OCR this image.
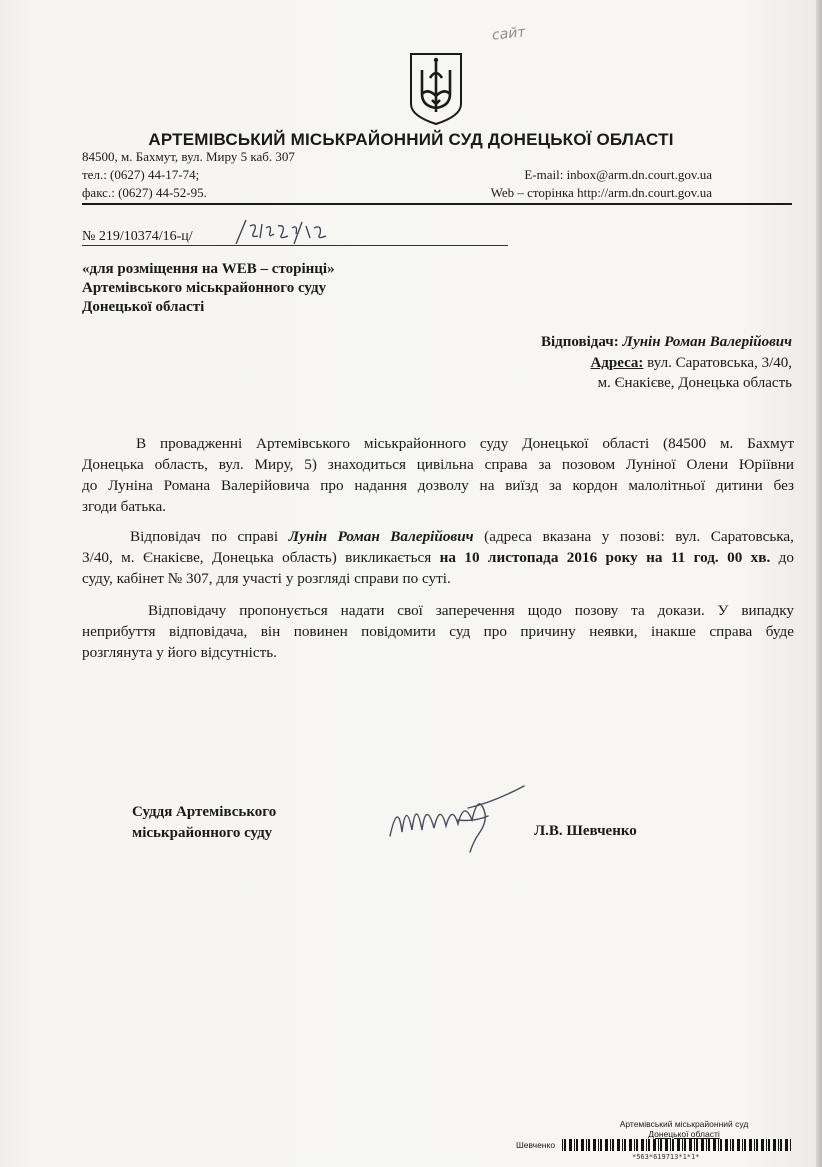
сайт
АРТЕМІВСЬКИЙ МІСЬКРАЙОННИЙ СУД ДОНЕЦЬКОЇ ОБЛАСТІ
84500, м. Бахмут, вул. Миру 5 каб. 307
тел.: (0627) 44-17-74;
факс.: (0627) 44-52-95.
E-mail: inbox@arm.dn.court.gov.ua
Web – сторінка http://arm.dn.court.gov.ua
№ 219/10374/16-ц/
«для розміщення на WEB – сторінці»
Артемівського міськрайонного суду
Донецької області
Відповідач: Лунін Роман Валерійович
Адреса: вул. Саратовська, 3/40,
м. Єнакієве, Донецька область
В провадженні Артемівського міськрайонного суду Донецької області (84500 м. Бахмут
Донецька область, вул. Миру, 5) знаходиться цивільна справа за позовом Луніної Олени Юріївни
до Луніна Романа Валерійовича про надання дозволу на виїзд за кордон малолітньої дитини без
згоди батька.
Відповідач по справі Лунін Роман Валерійович (адреса вказана у позові: вул. Саратовська,
3/40, м. Єнакієве, Донецька область) викликається на 10 листопада 2016 року на 11 год. 00 хв. до
суду, кабінет № 307, для участі у розгляді справи по суті.
Відповідачу пропонується надати свої заперечення щодо позову та докази. У випадку
неприбуття відповідача, він повинен повідомити суд про причину неявки, інакше справа буде
розглянута у його відсутність.
Суддя Артемівського
міськрайонного суду	Л.В. Шевченко
Артемівський міськрайонний суд
Донецької області
Шевченко
*563*619713*1*1*
